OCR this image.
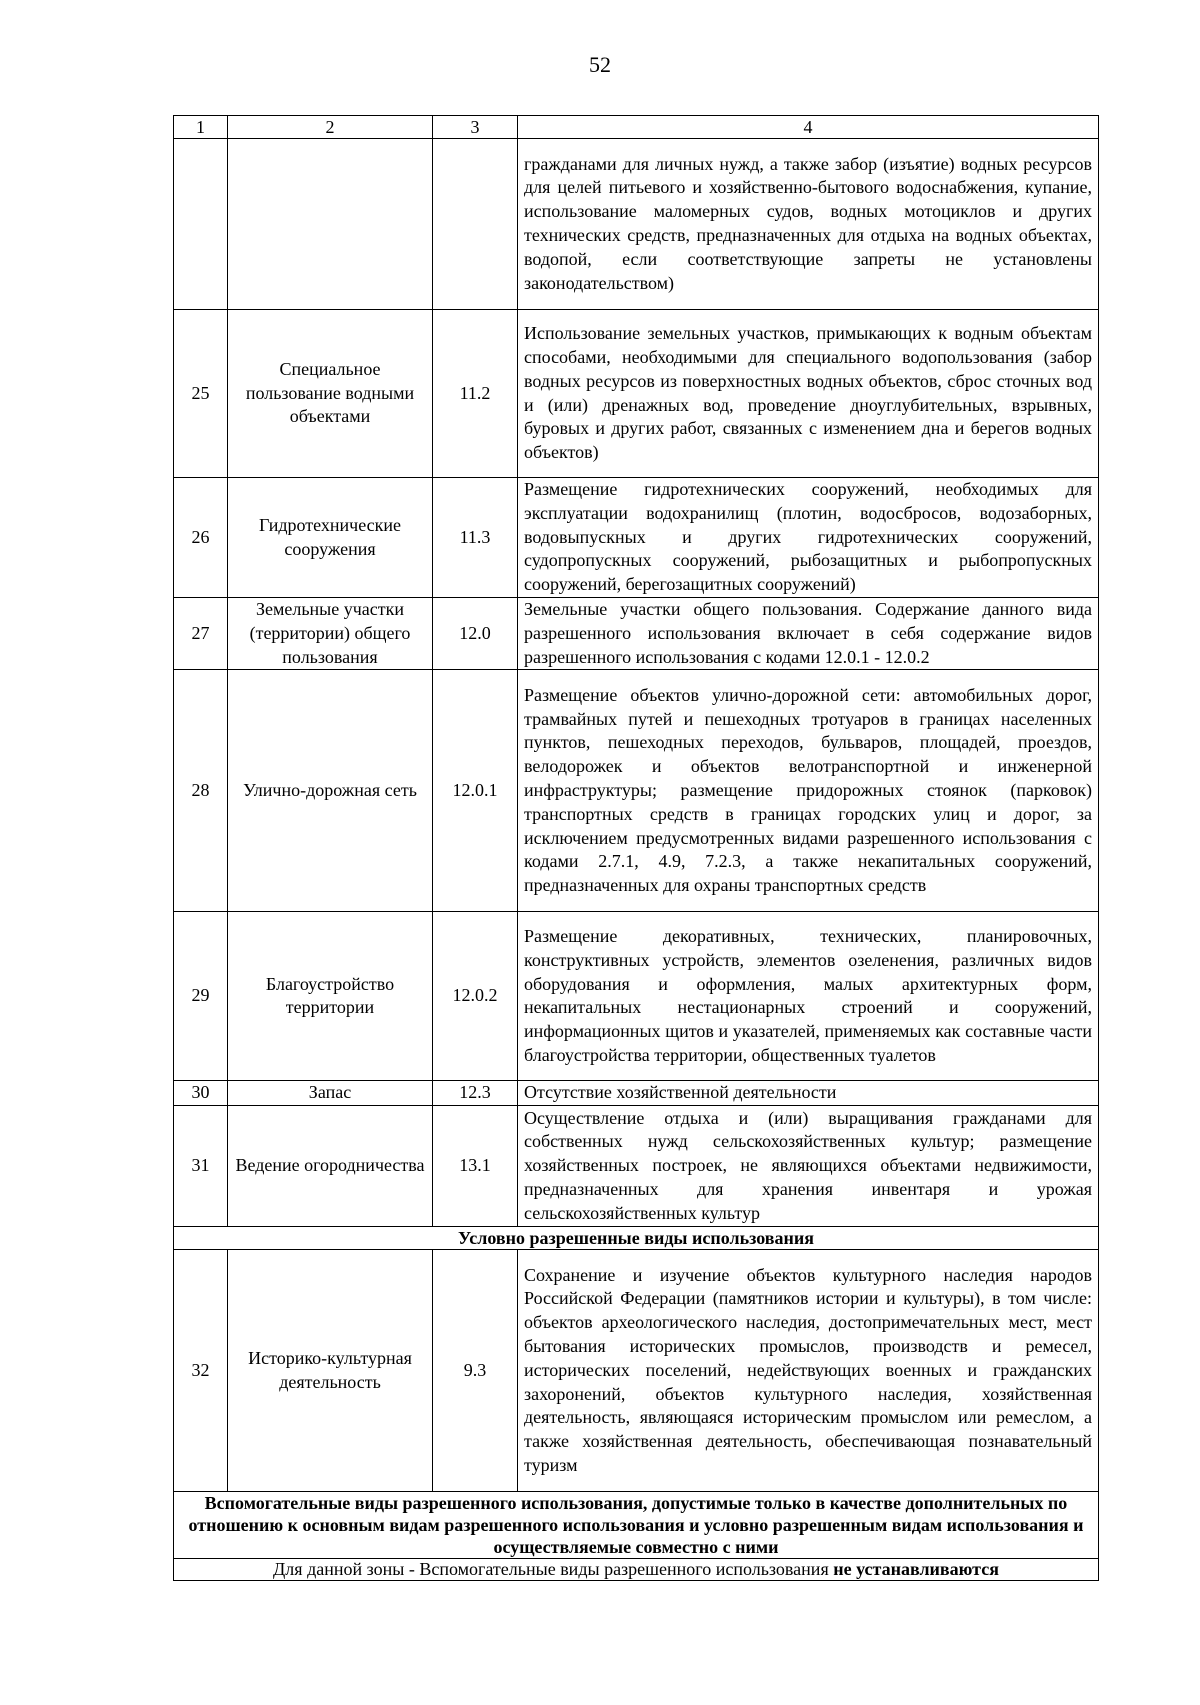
52
1	2	3	4
			гражданами для личных нужд, а также забор (изъятие) водных ресурсов для целей питьевого и хозяйственно-бытового водоснабжения, купание, использование маломерных судов, водных мотоциклов и других технических средств, предназначенных для отдыха на водных объектах, водопой, если соответствующие запреты не установлены законодательством)
25	Специальное пользование водными объектами	11.2	Использование земельных участков, примыкающих к водным объектам способами, необходимыми для специального водопользования (забор водных ресурсов из поверхностных водных объектов, сброс сточных вод и (или) дренажных вод, проведение дноуглубительных, взрывных, буровых и других работ, связанных с изменением дна и берегов водных объектов)
26	Гидротехнические сооружения	11.3	Размещение гидротехнических сооружений, необходимых для эксплуатации водохранилищ (плотин, водосбросов, водозаборных, водовыпускных и других гидротехнических сооружений, судопропускных сооружений, рыбозащитных и рыбопропускных сооружений, берегозащитных сооружений)
27	Земельные участки (территории) общего пользования	12.0	Земельные участки общего пользования. Содержание данного вида разрешенного использования включает в себя содержание видов разрешенного использования с кодами 12.0.1 - 12.0.2
28	Улично-дорожная сеть	12.0.1	Размещение объектов улично-дорожной сети: автомобильных дорог, трамвайных путей и пешеходных тротуаров в границах населенных пунктов, пешеходных переходов, бульваров, площадей, проездов, велодорожек и объектов велотранспортной и инженерной инфраструктуры; размещение придорожных стоянок (парковок) транспортных средств в границах городских улиц и дорог, за исключением предусмотренных видами разрешенного использования с кодами 2.7.1, 4.9, 7.2.3, а также некапитальных сооружений, предназначенных для охраны транспортных средств
29	Благоустройство территории	12.0.2	Размещение декоративных, технических, планировочных, конструктивных устройств, элементов озеленения, различных видов оборудования и оформления, малых архитектурных форм, некапитальных нестационарных строений и сооружений, информационных щитов и указателей, применяемых как составные части благоустройства территории, общественных туалетов
30	Запас	12.3	Отсутствие хозяйственной деятельности
31	Ведение огородничества	13.1	Осуществление отдыха и (или) выращивания гражданами для собственных нужд сельскохозяйственных культур; размещение хозяйственных построек, не являющихся объектами недвижимости, предназначенных для хранения инвентаря и урожая сельскохозяйственных культур
Условно разрешенные виды использования			
32	Историко-культурная деятельность	9.3	Сохранение и изучение объектов культурного наследия народов Российской Федерации (памятников истории и культуры), в том числе: объектов археологического наследия, достопримечательных мест, мест бытования исторических промыслов, производств и ремесел, исторических поселений, недействующих военных и гражданских захоронений, объектов культурного наследия, хозяйственная деятельность, являющаяся историческим промыслом или ремеслом, а также хозяйственная деятельность, обеспечивающая познавательный туризм
Вспомогательные виды разрешенного использования, допустимые только в качестве дополнительных по отношению к основным видам разрешенного использования и условно разрешенным видам использования и осуществляемые совместно с ними			
Для данной зоны - Вспомогательные виды разрешенного использования не устанавливаются			
